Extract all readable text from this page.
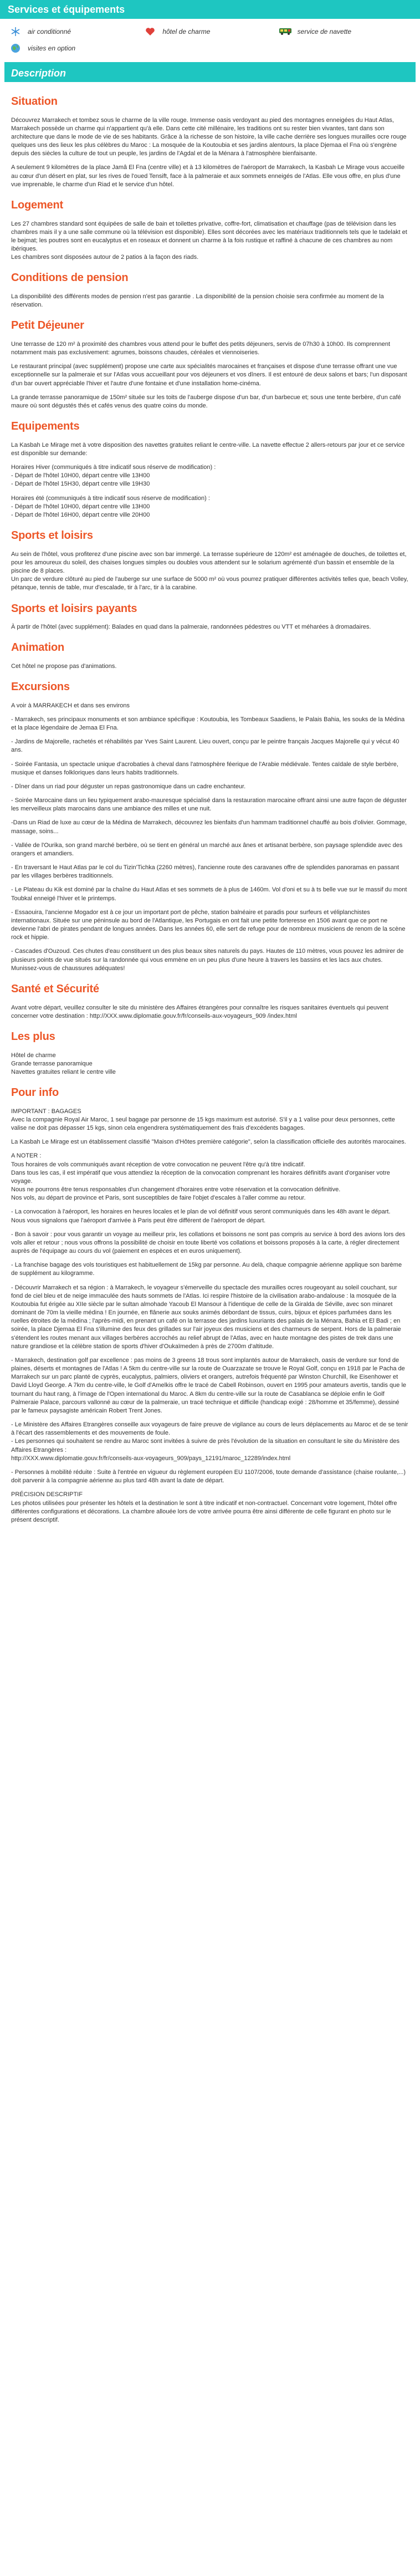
Services et équipements
air conditionné	hôtel de charme	service de navette
visites en option
Description
Situation

Découvrez Marrakech et tombez sous le charme de la ville rouge. Immense oasis verdoyant au pied des montagnes enneigées du Haut Atlas, Marrakech possède un charme qui n'appartient qu'à elle. Dans cette cité millénaire, les traditions ont su rester bien vivantes, tant dans son architecture que dans le mode de vie de ses habitants. Grâce à la richesse de son histoire, la ville cache derrière ses longues murailles ocre rouge quelques uns des lieux les plus célèbres du Maroc : La mosquée de la Koutoubia et ses jardins alentours, la place Djemaa el Fna où s'engrène depuis des siècles la culture de tout un peuple, les jardins de l'Agdal et de la Ménara à l'atmosphère bienfaisante.

A seulement 9 kilomètres de la place Jamâ El Fna (centre ville) et à 13 kilomètres de l'aéroport de Marrakech, la Kasbah Le Mirage vous accueille au cœur d'un désert en plat, sur les rives de l'oued Tensift, face à la palmeraie et aux sommets enneigés de l'Atlas. Elle vous offre, en plus d'une vue imprenable, le charme d'un Riad et le service d'un hôtel.

Logement

Les 27 chambres standard sont équipées de salle de bain et toilettes privative, coffre-fort, climatisation et chauffage (pas de télévision dans les chambres mais il y a une salle commune où la télévision est disponible). Elles sont décorées avec les matériaux traditionnels tels que le tadelakt et le bejmat; les poutres sont en eucalyptus et en roseaux et donnent un charme à la fois rustique et raffiné à chacune de ces chambres au nom ibériques.
Les chambres sont disposées autour de 2 patios à la façon des riads.

Conditions de pension

La disponibilité des différents modes de pension n'est pas garantie . La disponibilité de la pension choisie sera confirmée au moment de la réservation.

Petit Déjeuner

Une terrasse de 120 m² à proximité des chambres vous attend pour le buffet des petits déjeuners, servis de 07h30 à 10h00. Ils comprennent notamment mais pas exclusivement: agrumes, boissons chaudes, céréales et viennoiseries.

Le restaurant principal (avec supplément) propose une carte aux spécialités marocaines et françaises et dispose d'une terrasse offrant une vue exceptionnelle sur la palmeraie et sur l'Atlas vous accueillant pour vos déjeuners et vos dîners. Il est entouré de deux salons et bars; l'un disposant d'un bar ouvert appréciable l'hiver et l'autre d'une fontaine et d'une installation home-cinéma.

La grande terrasse panoramique de 150m² située sur les toits de l'auberge dispose d'un bar, d'un barbecue et; sous une tente berbère, d'un café maure où sont dégustés thés et cafés venus des quatre coins du monde.

Equipements

La Kasbah Le Mirage met à votre disposition des navettes gratuites reliant le centre-ville. La navette effectue 2 allers-retours par jour et ce service est disponible sur demande:

Horaires Hiver (communiqués à titre indicatif sous réserve de modification) :
- Départ de l'hôtel 10H00, départ centre ville 13H00
- Départ de l'hôtel 15H30, départ centre ville 19H30

Horaires été (communiqués à titre indicatif sous réserve de modification) :
- Départ de l'hôtel 10H00, départ centre ville 13H00
- Départ de l'hôtel 16H00, départ centre ville 20H00

Sports et loisirs

Au sein de l'hôtel, vous profiterez d'une piscine avec son bar immergé. La terrasse supérieure de 120m² est aménagée de douches, de toilettes et, pour les amoureux du soleil, des chaises longues simples ou doubles vous attendent sur le solarium agrémenté d'un bassin et ensemble de la piscine de 8 places.
Un parc de verdure clôturé au pied de l'auberge sur une surface de 5000 m² où vous pourrez pratiquer différentes activités telles que, beach Volley, pétanque, tennis de table, mur d'escalade, tir à l'arc, tir à la carabine.

Sports et loisirs payants

À partir de l'hôtel (avec supplément): Balades en quad dans la palmeraie, randonnées pédestres ou VTT et méharées à dromadaires.

Animation

Cet hôtel ne propose pas d'animations.

Excursions

A voir à MARRAKECH et dans ses environs

- Marrakech, ses principaux monuments et son ambiance spécifique : Koutoubia, les Tombeaux Saadiens, le Palais Bahia, les souks de la Médina et la place légendaire de Jemaa El Fna.

- Jardins de Majorelle, rachetés et réhabilités par Yves Saint Laurent. Lieu ouvert, conçu par le peintre français Jacques Majorelle qui y vécut 40 ans.

- Soirée Fantasia, un spectacle unique d'acrobaties à cheval dans l'atmosphère féerique de l'Arabie médiévale. Tentes caïdale de style berbère, musique et danses folkloriques dans leurs habits traditionnels.

- Dîner dans un riad pour déguster un repas gastronomique dans un cadre enchanteur.

- Soirée Marocaine dans un lieu typiquement arabo-mauresque spécialisé dans la restauration marocaine offrant ainsi une autre façon de déguster les merveilleux plats marocains dans une ambiance des milles et une nuit.

-Dans un Riad de luxe au cœur de la Médina de Marrakech, découvrez les bienfaits d'un hammam traditionnel chauffé au bois d'olivier. Gommage, massage, soins...

- Vallée de l'Ourika, son grand marché berbère, où se tient en général un marché aux ânes et artisanat berbère, son paysage splendide avec des orangers et amandiers.

- En traversant le Haut Atlas par le col du Tizin'Tichka (2260 mètres), l'ancienne route des caravanes offre de splendides panoramas en passant par les villages berbères traditionnels.

- Le Plateau du Kik est dominé par la chaîne du Haut Atlas et ses sommets de à plus de 1460m. Vol d'oni et su à ts belle vue sur le massif du mont Toubkal enneigé l'hiver et le printemps.

- Essaouira, l'ancienne Mogador est à ce jour un important port de pêche, station balnéaire et paradis pour surfeurs et véliplanchistes internationaux. Située sur une péninsule au bord de l'Atlantique, les Portugais en ont fait une petite forteresse en 1506 avant que ce port ne devienne l'abri de pirates pendant de longues années. Dans les années 60, elle sert de refuge pour de nombreux musiciens de renom de la scène rock et hippie.

- Cascades d'Ouzoud. Ces chutes d'eau constituent un des plus beaux sites naturels du pays. Hautes de 110 mètres, vous pouvez les admirer de plusieurs points de vue situés sur la randonnée qui vous emmène en un peu plus d'une heure à travers les bassins et les lacs aux chutes. Munissez-vous de chaussures adéquates!

Santé et Sécurité

Avant votre départ, veuillez consulter le site du ministère des Affaires étrangères pour connaître les risques sanitaires éventuels qui peuvent concerner votre destination : http://XXX.www.diplomatie.gouv.fr/fr/conseils-aux-voyageurs_909 /index.html

Les plus

Hôtel de charme
Grande terrasse panoramique
Navettes gratuites reliant le centre ville

Pour info

IMPORTANT : BAGAGES
Avec la compagnie Royal Air Maroc, 1 seul bagage par personne de 15 kgs maximum est autorisé. S'il y a 1 valise pour deux personnes, cette valise ne doit pas dépasser 15 kgs, sinon cela engendrera systématiquement des frais d'excédents bagages.

La Kasbah Le Mirage est un établissement classifié "Maison d'Hôtes première catégorie", selon la classification officielle des autorités marocaines.

A NOTER :
Tous horaires de vols communiqués avant réception de votre convocation ne peuvent l'être qu'à titre indicatif.
Dans tous les cas, il est impératif que vous attendiez la réception de la convocation comprenant les horaires définitifs avant d'organiser votre voyage.
Nous ne pourrons être tenus responsables d'un changement d'horaires entre votre réservation et la convocation définitive.
Nos vols, au départ de province et Paris, sont susceptibles de faire l'objet d'escales à l'aller comme au retour.

- La convocation à l'aéroport, les horaires en heures locales et le plan de vol définitif vous seront communiqués dans les 48h avant le départ.
Nous vous signalons que l'aéroport d'arrivée à Paris peut être différent de l'aéroport de départ.

- Bon à savoir : pour vous garantir un voyage au meilleur prix, les collations et boissons ne sont pas compris au service à bord des avions lors des vols aller et retour ; nous vous offrons la possibilité de choisir en toute liberté vos collations et boissons proposés à la carte, à régler directement auprès de l'équipage au cours du vol (paiement en espèces et en euros uniquement).

- La franchise bagage des vols touristiques est habituellement de 15kg par personne. Au delà, chaque compagnie aérienne applique son barème de supplément au kilogramme.

- Découvrir Marrakech et sa région : à Marrakech, le voyageur s'émerveille du spectacle des murailles ocres rougeoyant au soleil couchant, sur fond de ciel bleu et de neige immaculée des hauts sommets de l'Atlas. Ici respire l'histoire de la civilisation arabo-andalouse : la mosquée de la Koutoubia fut érigée au XIIe siècle par le sultan almohade Yacoub El Mansour à l'identique de celle de la Giralda de Séville, avec son minaret dominant de 70m la vieille médina ! En journée, en flânerie aux souks animés débordant de tissus, cuirs, bijoux et épices parfumées dans les ruelles étroites de la médina ; l'après-midi, en prenant un café on la terrasse des jardins luxuriants des palais de la Ménara, Bahia et El Badi ; en soirée, la place Djemaa El Fna s'illumine des feux des grillades sur l'air joyeux des musiciens et des charmeurs de serpent. Hors de la palmeraie s'étendent les routes menant aux villages berbères accrochés au relief abrupt de l'Atlas, avec en haute montagne des pistes de trek dans une nature grandiose et la célèbre station de sports d'hiver d'Oukaïmeden à près de 2700m d'altitude.

- Marrakech, destination golf par excellence : pas moins de 3 greens 18 trous sont implantés autour de Marrakech, oasis de verdure sur fond de plaines, déserts et montagnes de l'Atlas ! A 5km du centre-ville sur la route de Ouarzazate se trouve le Royal Golf, conçu en 1918 par le Pacha de Marrakech sur un parc planté de cyprès, eucalyptus, palmiers, oliviers et orangers, autrefois fréquenté par Winston Churchill, Ike Eisenhower et David Lloyd George. A 7km du centre-ville, le Golf d'Amelkis offre le tracé de Cabell Robinson, ouvert en 1995 pour amateurs avertis, tandis que le tournant du haut rang, à l'image de l'Open international du Maroc. A 8km du centre-ville sur la route de Casablanca se déploie enfin le Golf Palmeraie Palace, parcours vallonné au cœur de la palmeraie, un tracé technique et difficile (handicap exigé : 28/homme et 35/femme), dessiné par le fameux paysagiste américain Robert Trent Jones.

- Le Ministère des Affaires Etrangères conseille aux voyageurs de faire preuve de vigilance au cours de leurs déplacements au Maroc et de se tenir à l'écart des rassemblements et des mouvements de foule.
- Les personnes qui souhaitent se rendre au Maroc sont invitées à suivre de près l'évolution de la situation en consultant le site du Ministère des Affaires Etrangères :
http://XXX.www.diplomatie.gouv.fr/fr/conseils-aux-voyageurs_909/pays_12191/maroc_12289/index.html

- Personnes à mobilité réduite : Suite à l'entrée en vigueur du règlement européen EU 1107/2006, toute demande d'assistance (chaise roulante,...) doit parvenir à la compagnie aérienne au plus tard 48h avant la date de départ.

PRÉCISION DESCRIPTIF
Les photos utilisées pour présenter les hôtels et la destination le sont à titre indicatif et non-contractuel. Concernant votre logement, l'hôtel offre différentes configurations et décorations. La chambre allouée lors de votre arrivée pourra être ainsi différente de celle figurant en photo sur le présent descriptif.
